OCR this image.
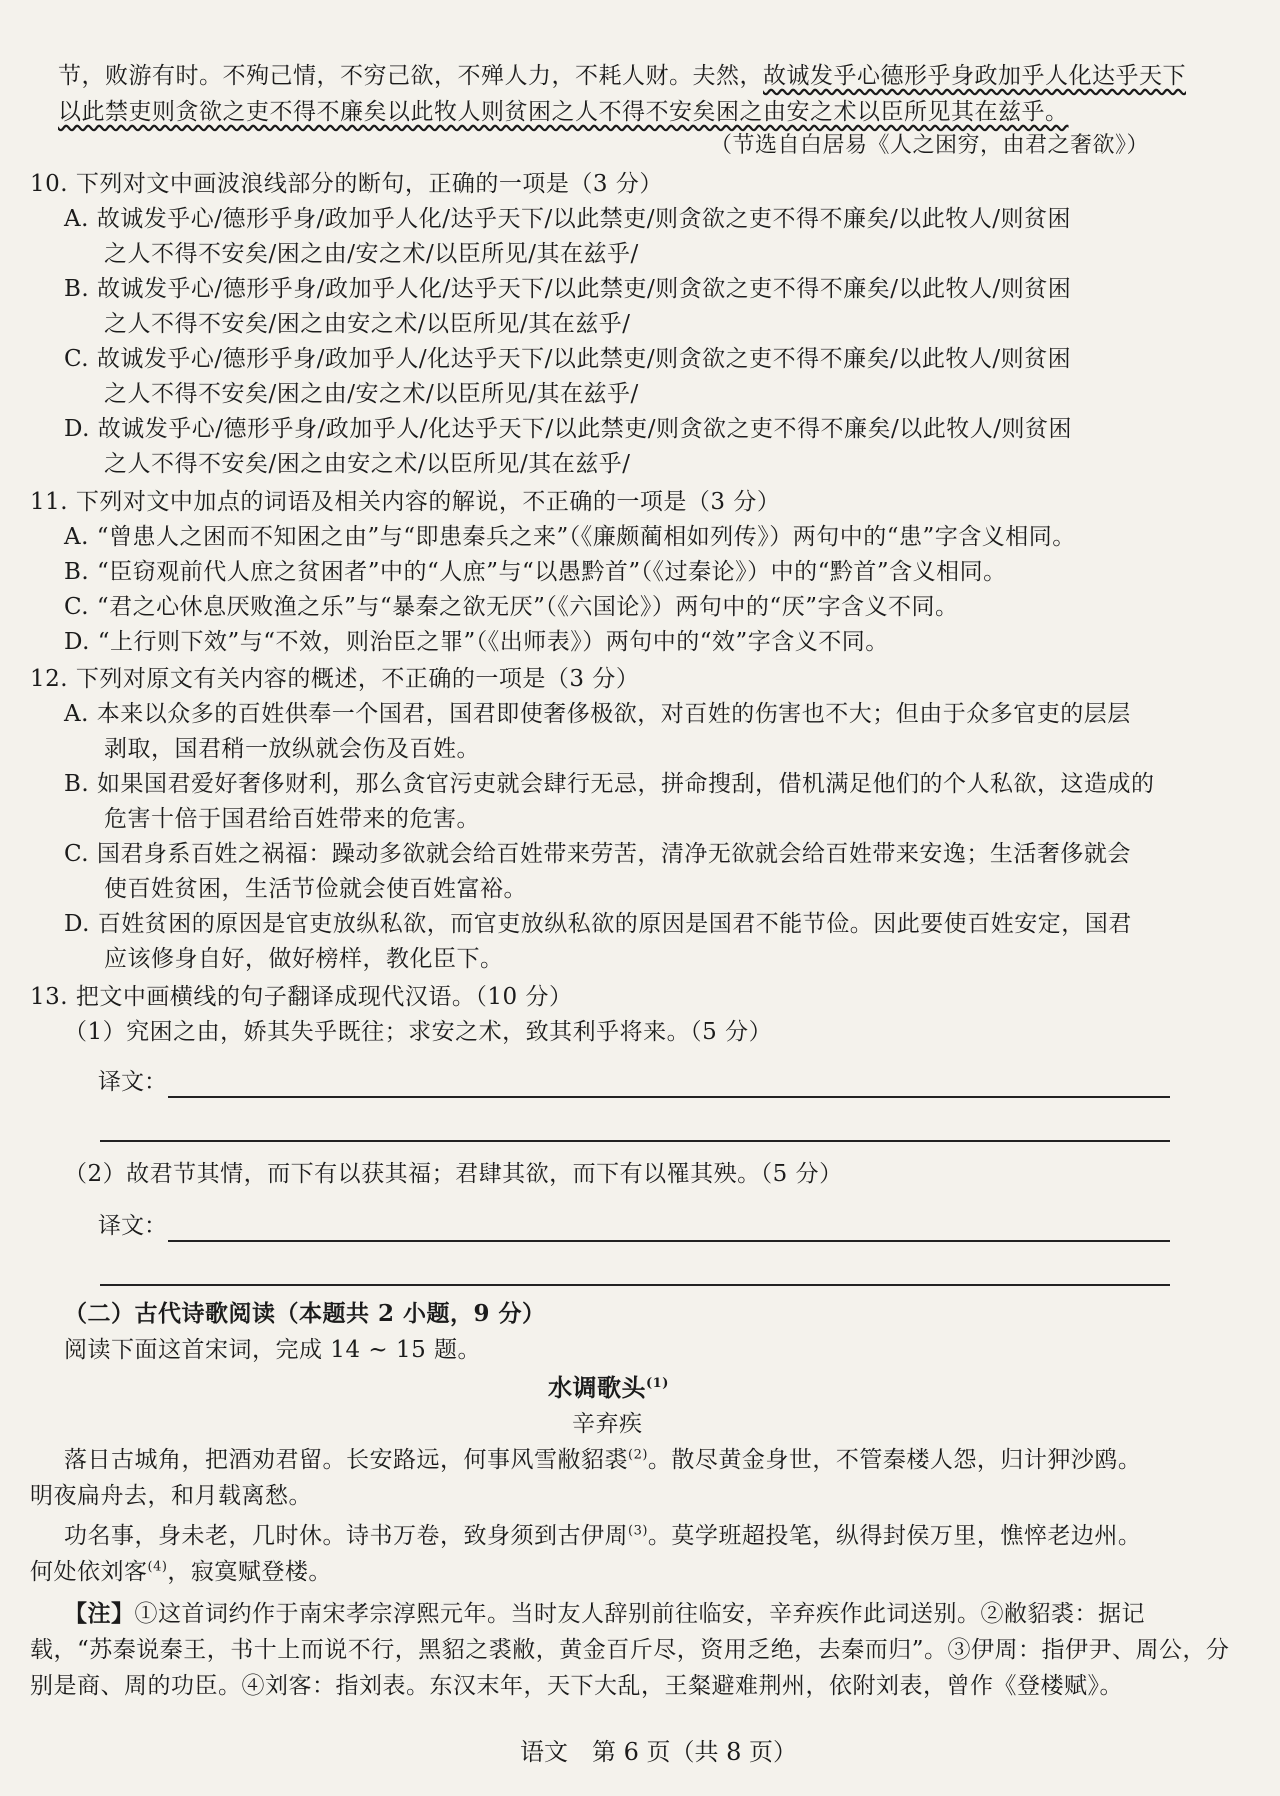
节，败游有时。不殉己情，不穷己欲，不殚人力，不耗人财。夫然，故诚发乎心德形乎身政加乎人化达乎天下
以此禁吏则贪欲之吏不得不廉矣以此牧人则贫困之人不得不安矣困之由安之术以臣所见其在兹乎。
（节选自白居易《人之困穷，由君之奢欲》）
10. 下列对文中画波浪线部分的断句，正确的一项是（3 分）
A. 故诚发乎心/德形乎身/政加乎人化/达乎天下/以此禁吏/则贪欲之吏不得不廉矣/以此牧人/则贫困
之人不得不安矣/困之由/安之术/以臣所见/其在兹乎/
B. 故诚发乎心/德形乎身/政加乎人化/达乎天下/以此禁吏/则贪欲之吏不得不廉矣/以此牧人/则贫困
之人不得不安矣/困之由安之术/以臣所见/其在兹乎/
C. 故诚发乎心/德形乎身/政加乎人/化达乎天下/以此禁吏/则贪欲之吏不得不廉矣/以此牧人/则贫困
之人不得不安矣/困之由/安之术/以臣所见/其在兹乎/
D. 故诚发乎心/德形乎身/政加乎人/化达乎天下/以此禁吏/则贪欲之吏不得不廉矣/以此牧人/则贫困
之人不得不安矣/困之由安之术/以臣所见/其在兹乎/
11. 下列对文中加点的词语及相关内容的解说，不正确的一项是（3 分）
A. “曾患人之困而不知困之由”与“即患秦兵之来”（《廉颇蔺相如列传》）两句中的“患”字含义相同。
B. “臣窃观前代人庶之贫困者”中的“人庶”与“以愚黔首”（《过秦论》）中的“黔首”含义相同。
C. “君之心休息厌败渔之乐”与“暴秦之欲无厌”（《六国论》）两句中的“厌”字含义不同。
D. “上行则下效”与“不效，则治臣之罪”（《出师表》）两句中的“效”字含义不同。
12. 下列对原文有关内容的概述，不正确的一项是（3 分）
A. 本来以众多的百姓供奉一个国君，国君即使奢侈极欲，对百姓的伤害也不大；但由于众多官吏的层层
剥取，国君稍一放纵就会伤及百姓。
B. 如果国君爱好奢侈财利，那么贪官污吏就会肆行无忌，拼命搜刮，借机满足他们的个人私欲，这造成的
危害十倍于国君给百姓带来的危害。
C. 国君身系百姓之祸福：躁动多欲就会给百姓带来劳苦，清净无欲就会给百姓带来安逸；生活奢侈就会
使百姓贫困，生活节俭就会使百姓富裕。
D. 百姓贫困的原因是官吏放纵私欲，而官吏放纵私欲的原因是国君不能节俭。因此要使百姓安定，国君
应该修身自好，做好榜样，教化臣下。
13. 把文中画横线的句子翻译成现代汉语。（10 分）
（1）究困之由，娇其失乎既往；求安之术，致其利乎将来。（5 分）
译文：
（2）故君节其情，而下有以获其福；君肆其欲，而下有以罹其殃。（5 分）
译文：
（二）古代诗歌阅读（本题共 2 小题，9 分）
阅读下面这首宋词，完成 14 ~ 15 题。
水调歌头$^{(1)}$
辛弃疾
落日古城角，把酒劝君留。长安路远，何事风雪敝貂裘$^{(2)}$。散尽黄金身世，不管秦楼人怨，归计狎沙鸥。
明夜扁舟去，和月载离愁。
功名事，身未老，几时休。诗书万卷，致身须到古伊周$^{(3)}$。莫学班超投笔，纵得封侯万里，憔悴老边州。
何处依刘客$^{(4)}$，寂寞赋登楼。
【注】①这首词约作于南宋孝宗淳熙元年。当时友人辞别前往临安，辛弃疾作此词送别。②敝貂裘：据记
载，“苏秦说秦王，书十上而说不行，黑貂之裘敝，黄金百斤尽，资用乏绝，去秦而归”。③伊周：指伊尹、周公，分
别是商、周的功臣。④刘客：指刘表。东汉末年，天下大乱，王粲避难荆州，依附刘表，曾作《登楼赋》。
语文　第 6 页（共 8 页）
